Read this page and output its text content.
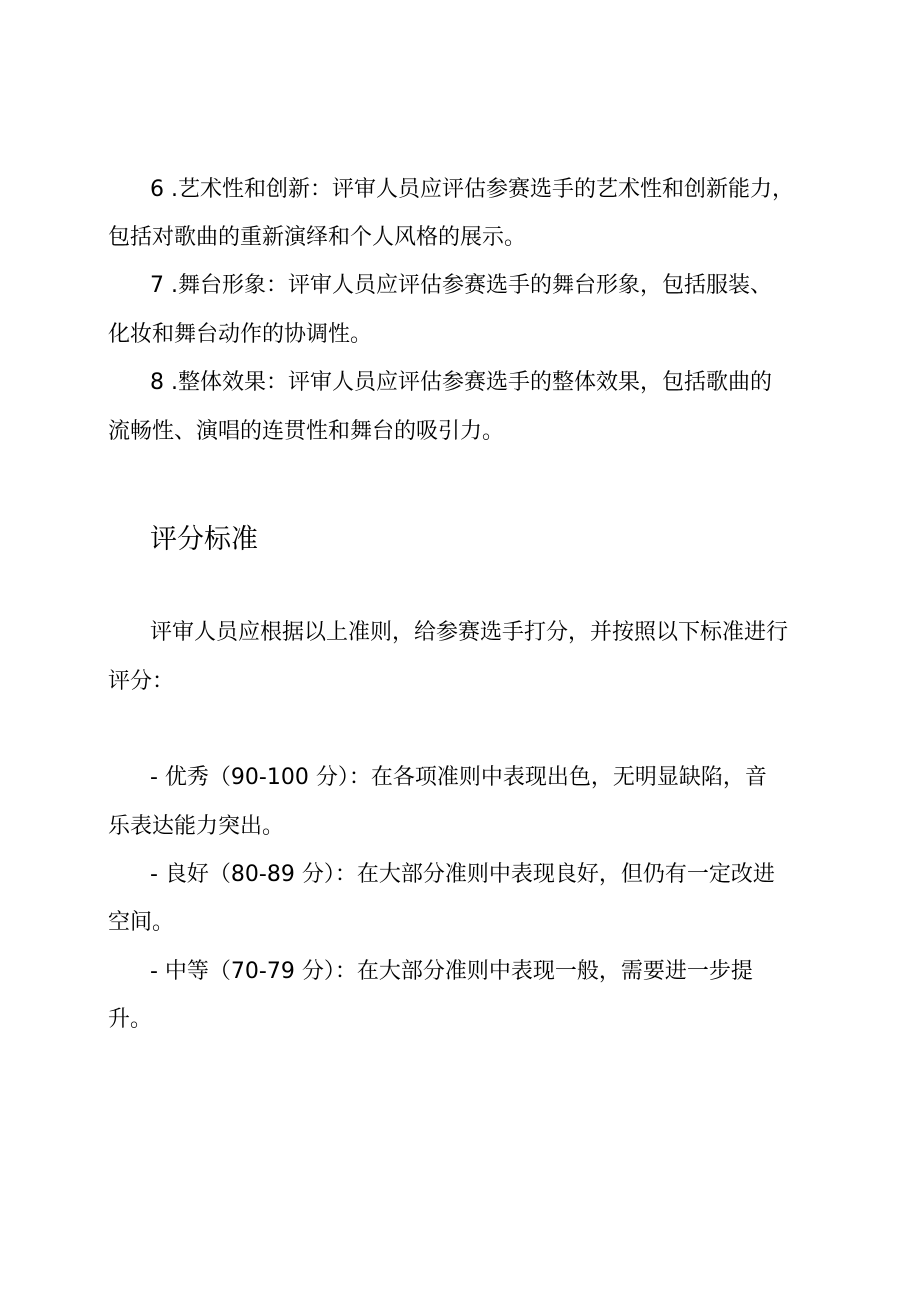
6 .艺术性和创新：评审人员应评估参赛选手的艺术性和创新能力，

包括对歌曲的重新演绎和个人风格的展示。

7 .舞台形象：评审人员应评估参赛选手的舞台形象，包括服装、

化妆和舞台动作的协调性。

8 .整体效果：评审人员应评估参赛选手的整体效果，包括歌曲的

流畅性、演唱的连贯性和舞台的吸引力。

评分标准

评审人员应根据以上准则，给参赛选手打分，并按照以下标准进行

评分：

- 优秀（90-100 分）：在各项准则中表现出色，无明显缺陷，音

乐表达能力突出。

- 良好（80-89 分）：在大部分准则中表现良好，但仍有一定改进

空间。

- 中等（70-79 分）：在大部分准则中表现一般，需要进一步提

升。
